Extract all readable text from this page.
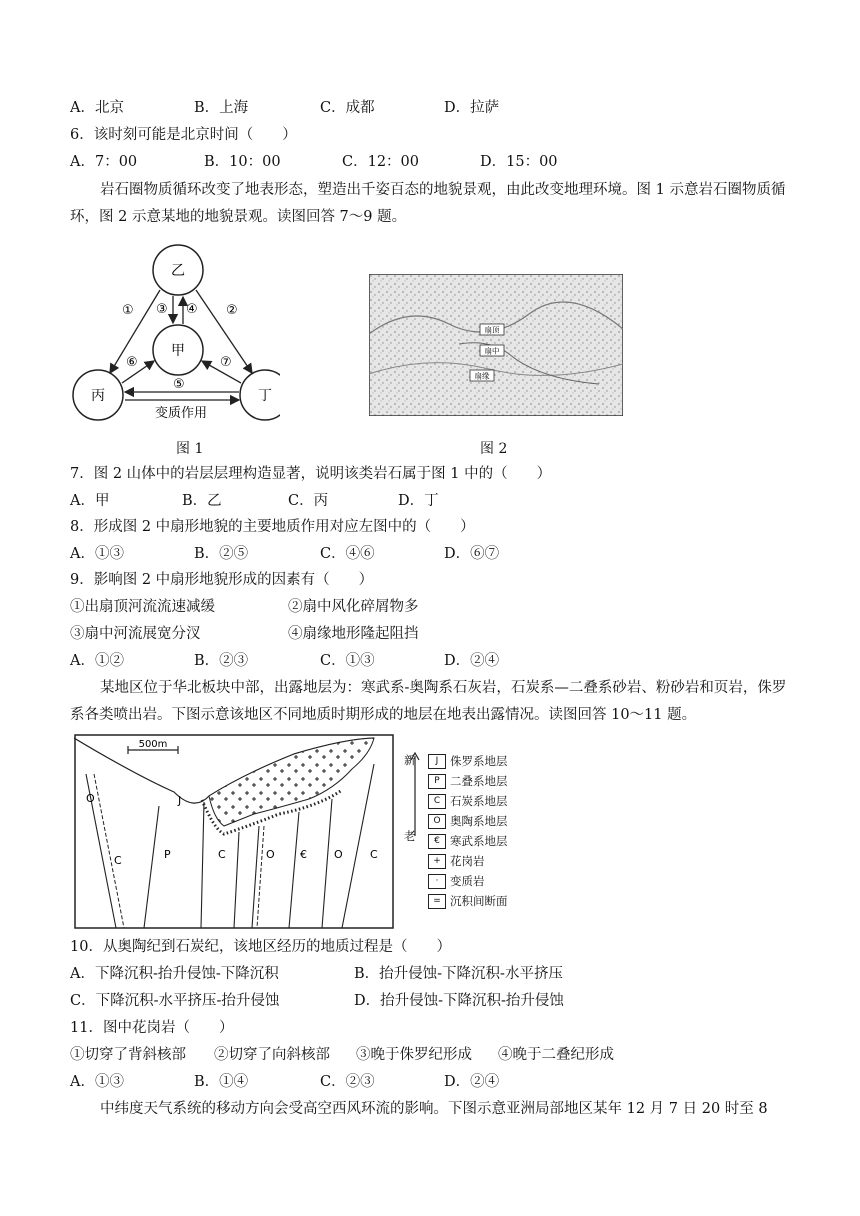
A．北京	B．上海	C．成都	D．拉萨
6．该时刻可能是北京时间（　　）
A．7：00	B．10：00	C．12：00	D．15：00
岩石圈物质循环改变了地表形态，塑造出千姿百态的地貌景观，由此改变地理环境。图 1 示意岩石圈物质循环，图 2 示意某地的地貌景观。读图回答 7～9 题。
乙
甲
丙	丁
①	②
③ ④
⑤
⑥	⑦
变质作用
图 1
扇顶
扇中
扇缘
图 2
7．图 2 山体中的岩层层理构造显著，说明该类岩石属于图 1 中的（　　）
A．甲	B．乙	C．丙	D．丁
8．形成图 2 中扇形地貌的主要地质作用对应左图中的（　　）
A．①③	B．②⑤	C．④⑥	D．⑥⑦
9．影响图 2 中扇形地貌形成的因素有（　　）
①出扇顶河流流速减缓	②扇中风化碎屑物多
③扇中河流展宽分汊	④扇缘地形隆起阻挡
A．①②	B．②③	C．①③	D．②④
某地区位于华北板块中部，出露地层为：寒武系-奥陶系石灰岩，石炭系—二叠系砂岩、粉砂岩和页岩，侏罗系各类喷出岩。下图示意该地区不同地质时期形成的地层在地表出露情况。读图回答 10～11 题。
500m
O	J
C	P	C	O € O C
新
老
J 侏罗系地层
P 二叠系地层
C 石炭系地层
O 奥陶系地层
€ 寒武系地层
+ 花岗岩
· 变质岩
= 沉积间断面
10．从奥陶纪到石炭纪，该地区经历的地质过程是（　　）
A．下降沉积-抬升侵蚀-下降沉积	B．抬升侵蚀-下降沉积-水平挤压
C．下降沉积-水平挤压-抬升侵蚀	D．抬升侵蚀-下降沉积-抬升侵蚀
11．图中花岗岩（　　）
①切穿了背斜核部 ②切穿了向斜核部 ③晚于侏罗纪形成 ④晚于二叠纪形成
A．①③	B．①④	C．②③	D．②④
中纬度天气系统的移动方向会受高空西风环流的影响。下图示意亚洲局部地区某年 12 月 7 日 20 时至 8
